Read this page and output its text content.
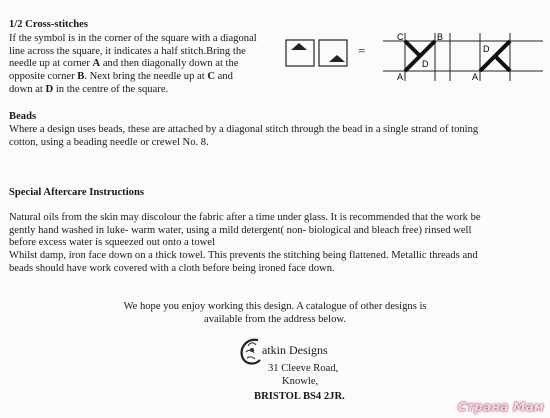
1/2 Cross-stitches
If the symbol is in the corner of the square with a diagonal
line across the square, it indicates a half stitch.Bring the
needle up at corner A and then diagonally down at the
opposite corner B. Next bring the needle up at C and
down at D in the centre of the square.
=
C	B
D
A
D
A
Beads
Where a design uses beads, these are attached by a diagonal stitch through the bead in a single strand of toning
cotton, using a beading needle or crewel No. 8.
Special Aftercare Instructions
Natural oils from the skin may discolour the fabric after a time under glass. It is recommended that the work be
gently hand washed in luke- warm water, using a mild detergent( non- biological and bleach free) rinsed well
before excess water is squeezed out onto a towel
Whilst damp, iron face down on a thick towel. This prevents the stitching being flattened. Metallic threads and
beads should have work covered with a cloth before being ironed face down.
We hope you enjoy working this design. A catalogue of other designs is
available from the address below.
atkin Designs
31 Cleeve Road,
Knowle,
BRISTOL BS4 2JR.
Страна Мам
